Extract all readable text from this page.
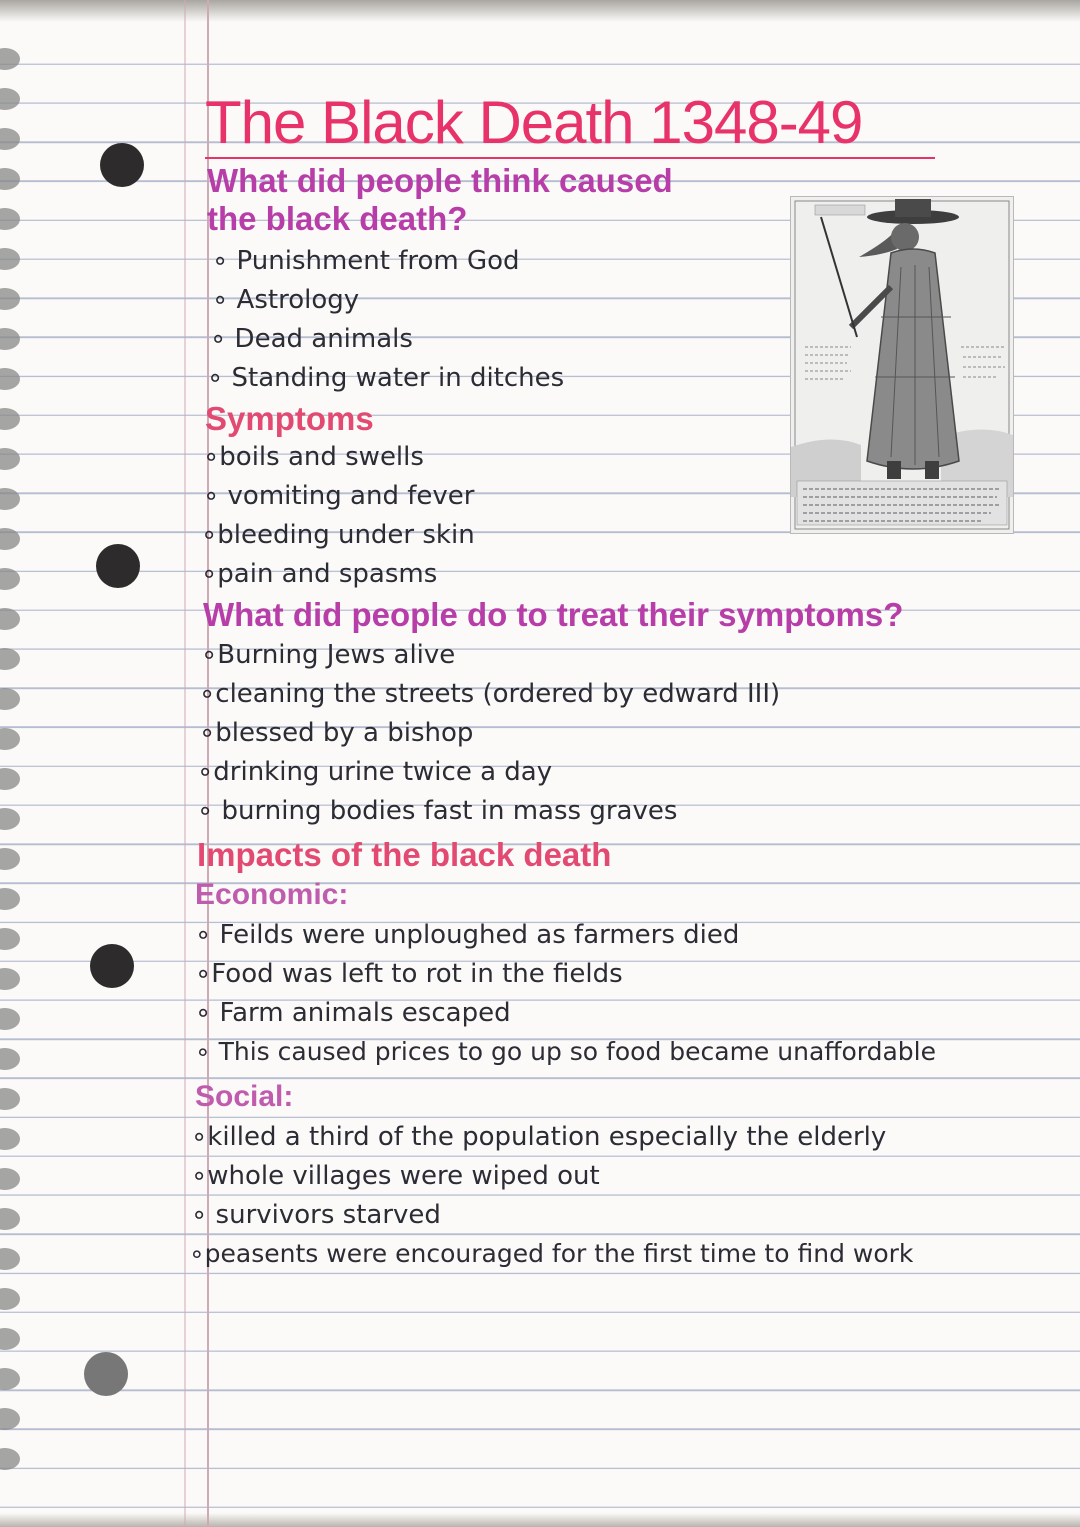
The Black Death 1348-49
What did people think caused
the black death?
∘ Punishment from God
∘ Astrology
∘ Dead animals
∘ Standing water in ditches
Symptoms
∘boils and swells
∘ vomiting and fever
∘bleeding under skin
∘pain and spasms
What did people do to treat their symptoms?
∘Burning Jews alive
∘cleaning the streets (ordered by edward III)
∘blessed by a bishop
∘drinking urine twice a day
∘ burning bodies fast in mass graves
Impacts of the black death
Economic:
∘ Feilds were unploughed as farmers died
∘Food was left to rot in the fields
∘ Farm animals escaped
∘ This caused prices to go up so food became unaffordable
Social:
∘killed a third of the population especially the elderly
∘whole villages were wiped out
∘ survivors starved
∘peasents were encouraged for the first time to find work
